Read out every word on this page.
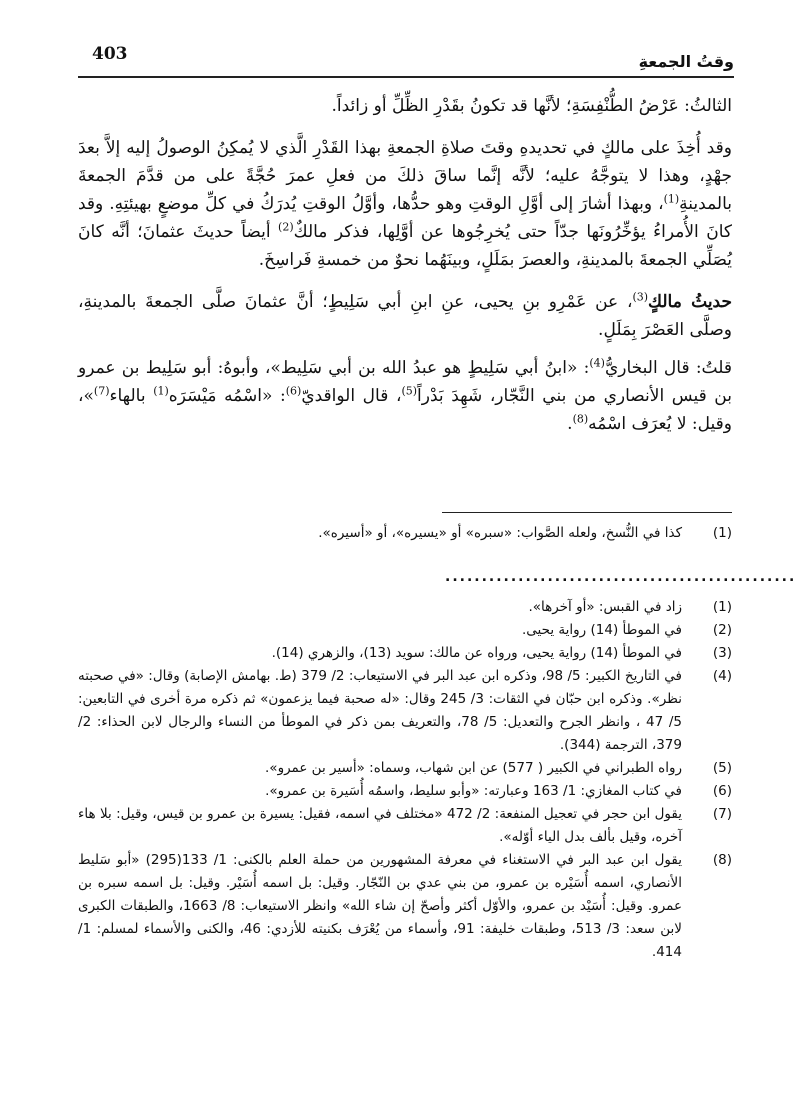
403	وقتُ الجمعةِ

الثالثُ: عَرْضُ الطُّنْفِسَةِ؛ لأنَّها قد تكونُ بقَدْرِ الظِّلِّ أو زائداً.

وقد أُخِذَ على مالكٍ في تحديدهِ وقتَ صلاةِ الجمعةِ بهذا القَدْرِ الَّذي لا يُمكِنُ الوصولُ إليه إلاَّ بعدَ جهْدٍ، وهذا لا يتوجَّهُ عليه؛ لأنَّه إنَّما ساقَ ذلكَ من فعلِ عمرَ حُجَّةً على من قدَّمَ الجمعةَ بالمدينةِ$^{(1)}$، وبهذا أشارَ إلى أوَّلِ الوقتِ وهو حدُّها، وأوَّلُ الوقتِ يُدرَكُ في كلِّ موضعٍ بهيئتِهِ. وقد كانَ الأُمراءُ يؤخِّرُونَها جدّاً حتى يُخرِجُوها عن أوَّلِها، فذكر مالكٌ$^{(2)}$ أيضاً حديثَ عثمانَ؛ أنَّه كانَ يُصَلِّي الجمعةَ بالمدينةِ، والعصرَ بمَلَلٍ، وبينَهُما نحوٌ من خمسةِ فَراسِخَ.

حديثُ مالكٍ$^{(3)}$، عن عَمْرِو بنِ يحيى، عنِ ابنِ أبي سَلِيطٍ؛ أنَّ عثمانَ صلَّى الجمعةَ بالمدينةِ، وصلَّى العَصْرَ بِمَلَلٍ.

قلتُ: قال البخاريُّ$^{(4)}$: «ابنُ أبي سَلِيطٍ هو عبدُ الله بن أبي سَلِيط»، وأبوهُ: أبو سَلِيط بن عمرو بن قيس الأنصاري من بني النَّجّار، شَهِدَ بَدْراً$^{(5)}$، قال الواقديّ$^{(6)}$: «اسْمُه مَيْسَرَه$^{(1)}$ بالهاء$^{(7)}$»، وقيل: لا يُعرَف اسْمُه$^{(8)}$.

(1)
كذا في النُّسخ، ولعله الصَّواب: «سبره» أو «يسيره»، أو «أسيره».
................................................
(1)
زاد في القبس: «أو آخرها».
(2)
في الموطأ (14) رواية يحيى.
(3)
في الموطأ (14) رواية يحيى، ورواه عن مالك: سويد (13)، والزهري (14).
(4)
في التاريخ الكبير: 5/ 98، وذكره ابن عبد البر في الاستيعاب: 2/ 379 (ط. بهامش الإصابة) وقال: «في صحبته نظر». وذكره ابن حبّان في الثقات: 3/ 245 وقال: «له صحبة فيما يزعمون» ثم ذكره مرة أخرى في التابعين: 5/ 47 ، وانظر الجرح والتعديل: 5/ 78، والتعريف بمن ذكر في الموطأ من النساء والرجال لابن الحذاء: 2/ 379، الترجمة (344).
(5)
رواه الطبراني في الكبير ( 577) عن ابن شهاب، وسماه: «أسير بن عمرو».
(6)
في كتاب المغازي: 1/ 163 وعبارته: «وأبو سليط، واسمُه أُسَيرة بن عمرو».
(7)
يقول ابن حجر في تعجيل المنفعة: 2/ 472 «مختلف في اسمه، فقيل: يسيرة بن عمرو بن قيس، وقيل: بلا هاء آخره، وقيل بألف بدل الياء أوّله».
(8)
يقول ابن عبد البر في الاستغناء في معرفة المشهورين من حملة العلم بالكنى: 1/ 133(295) «أبو سَليط الأنصاري، اسمه أُسَيْره بن عمرو، من بني عدي بن النّجّار. وقيل: بل اسمه أُسَيْر. وقيل: بل اسمه سبره بن عمرو. وقيل: أُسَيْد بن عمرو، والأوّل أكثر وأصحّ إن شاء الله» وانظر الاستيعاب: 8/ 1663، والطبقات الكبرى لابن سعد: 3/ 513، وطبقات خليفة: 91، وأسماء من يُعْرَف بكنيته للأزدي: 46، والكنى والأسماء لمسلم: 1/ 414.
